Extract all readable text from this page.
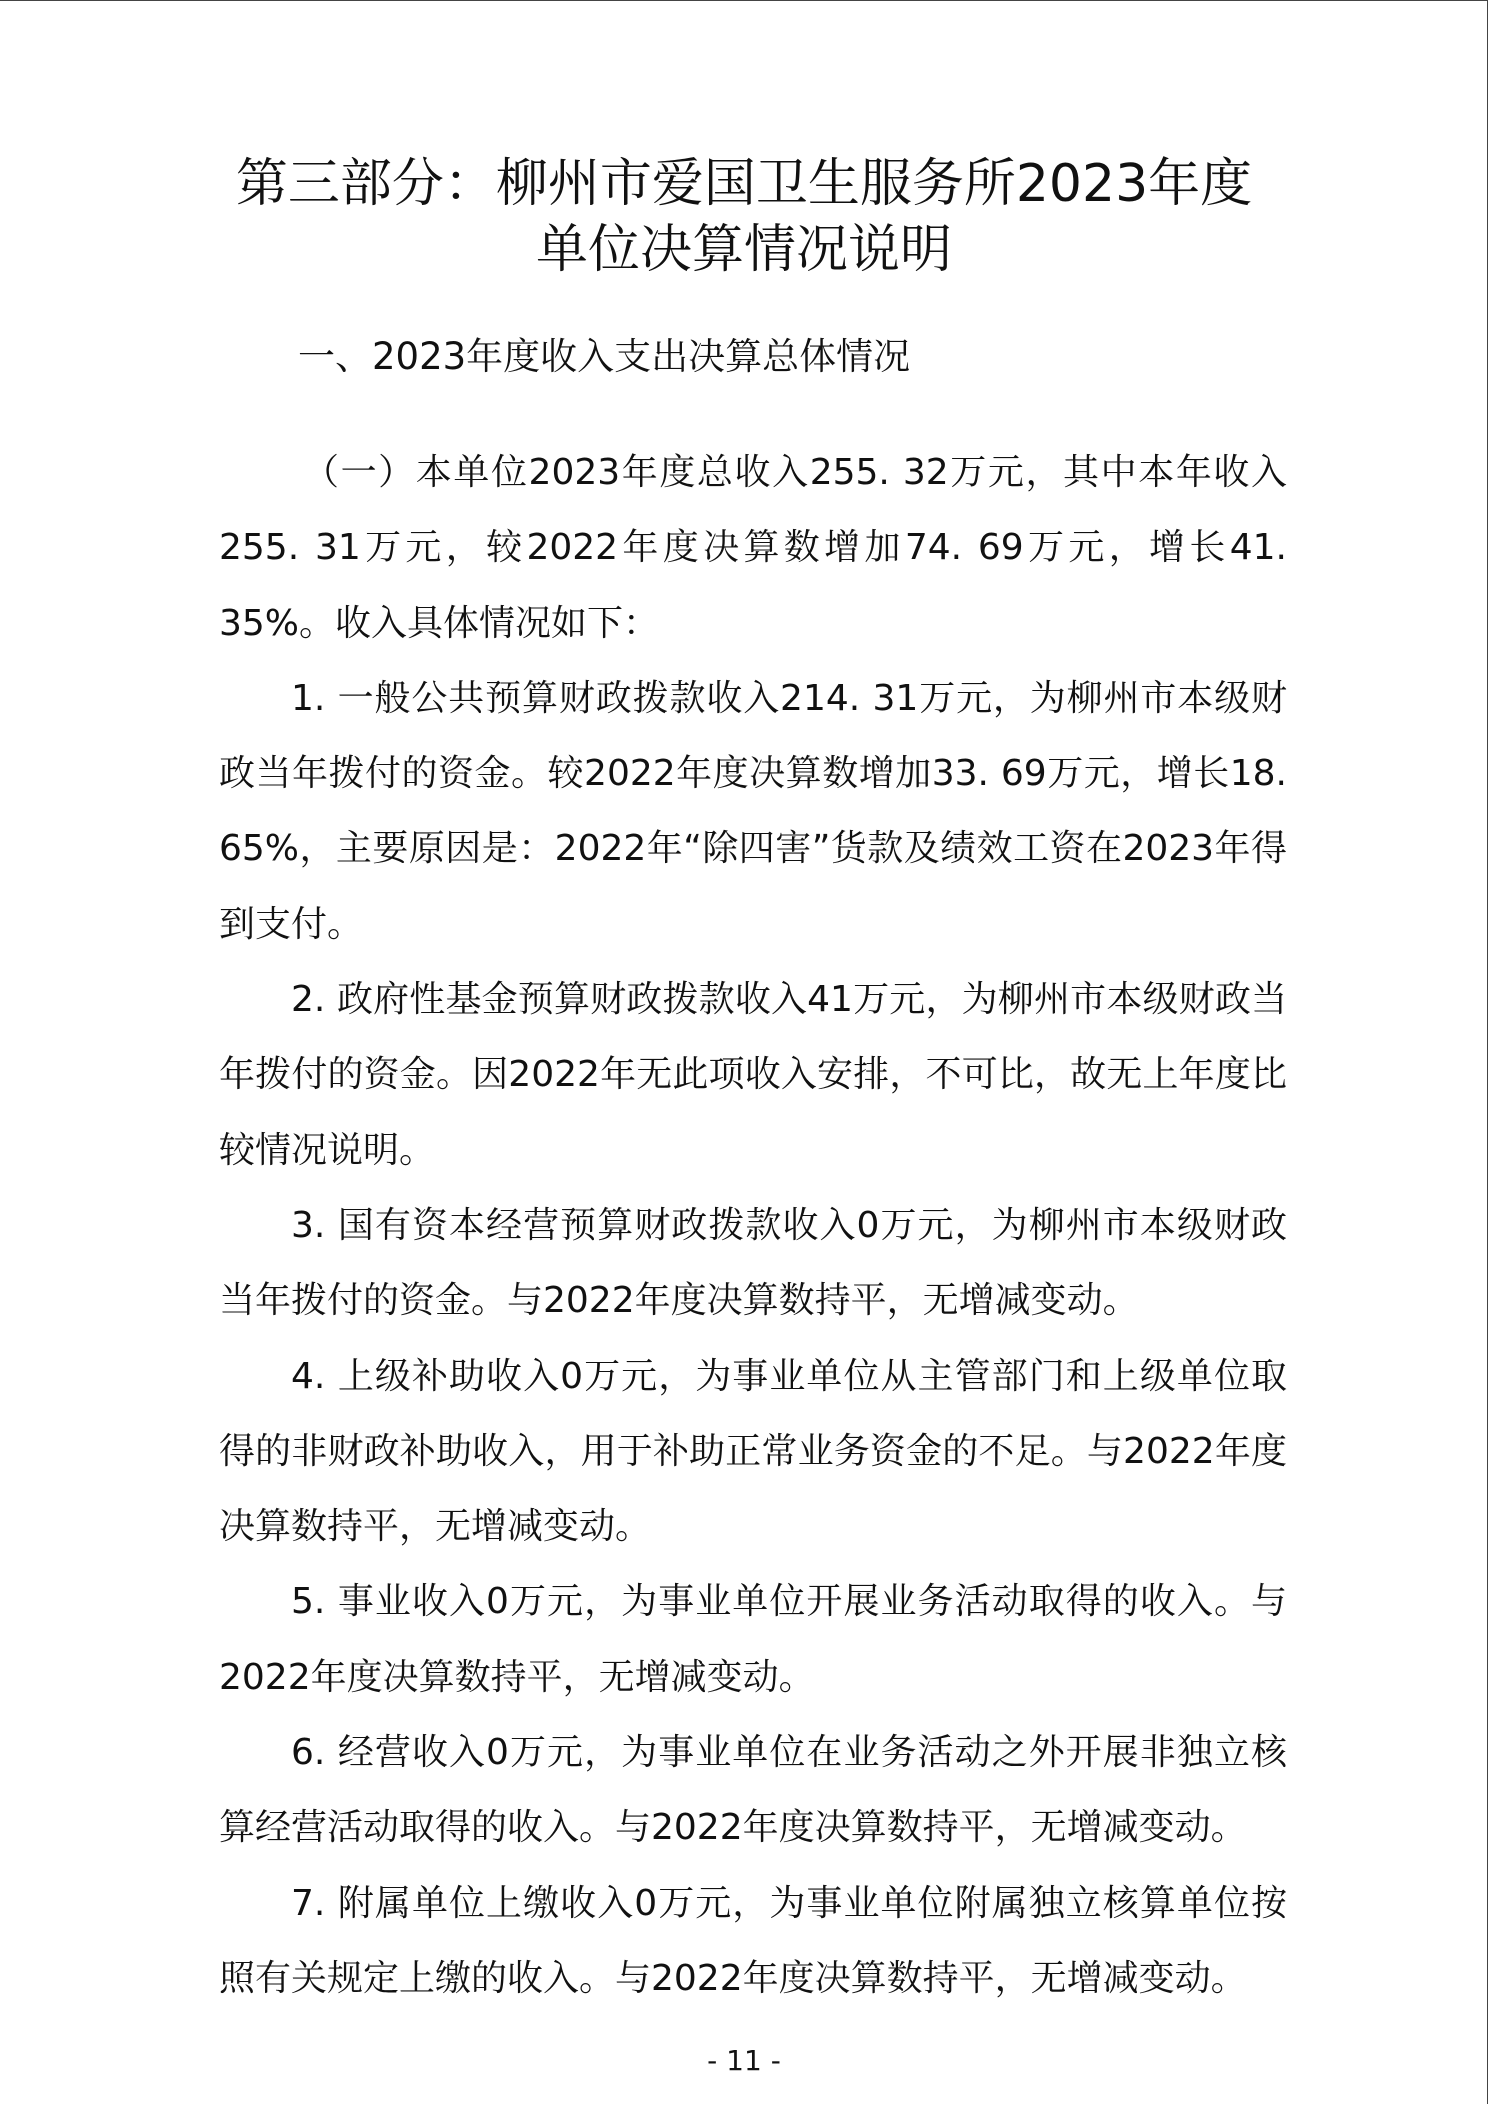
第三部分：柳州市爱国卫生服务所2023年度
单位决算情况说明
一、2023年度收入支出决算总体情况

（一）本单位2023年度总收入255. 32万元，其中本年收入255. 31万元，较2022年度决算数增加74. 69万元，增长41. 35%。收入具体情况如下：

1. 一般公共预算财政拨款收入214. 31万元，为柳州市本级财政当年拨付的资金。较2022年度决算数增加33. 69万元，增长18. 65%，主要原因是：2022年“除四害”货款及绩效工资在2023年得到支付。

2. 政府性基金预算财政拨款收入41万元，为柳州市本级财政当年拨付的资金。因2022年无此项收入安排，不可比，故无上年度比较情况说明。

3. 国有资本经营预算财政拨款收入0万元，为柳州市本级财政当年拨付的资金。与2022年度决算数持平，无增减变动。

4. 上级补助收入0万元，为事业单位从主管部门和上级单位取得的非财政补助收入，用于补助正常业务资金的不足。与2022年度决算数持平，无增减变动。

5. 事业收入0万元，为事业单位开展业务活动取得的收入。与2022年度决算数持平，无增减变动。

6. 经营收入0万元，为事业单位在业务活动之外开展非独立核算经营活动取得的收入。与2022年度决算数持平，无增减变动。

7. 附属单位上缴收入0万元，为事业单位附属独立核算单位按照有关规定上缴的收入。与2022年度决算数持平，无增减变动。

- 11 -
